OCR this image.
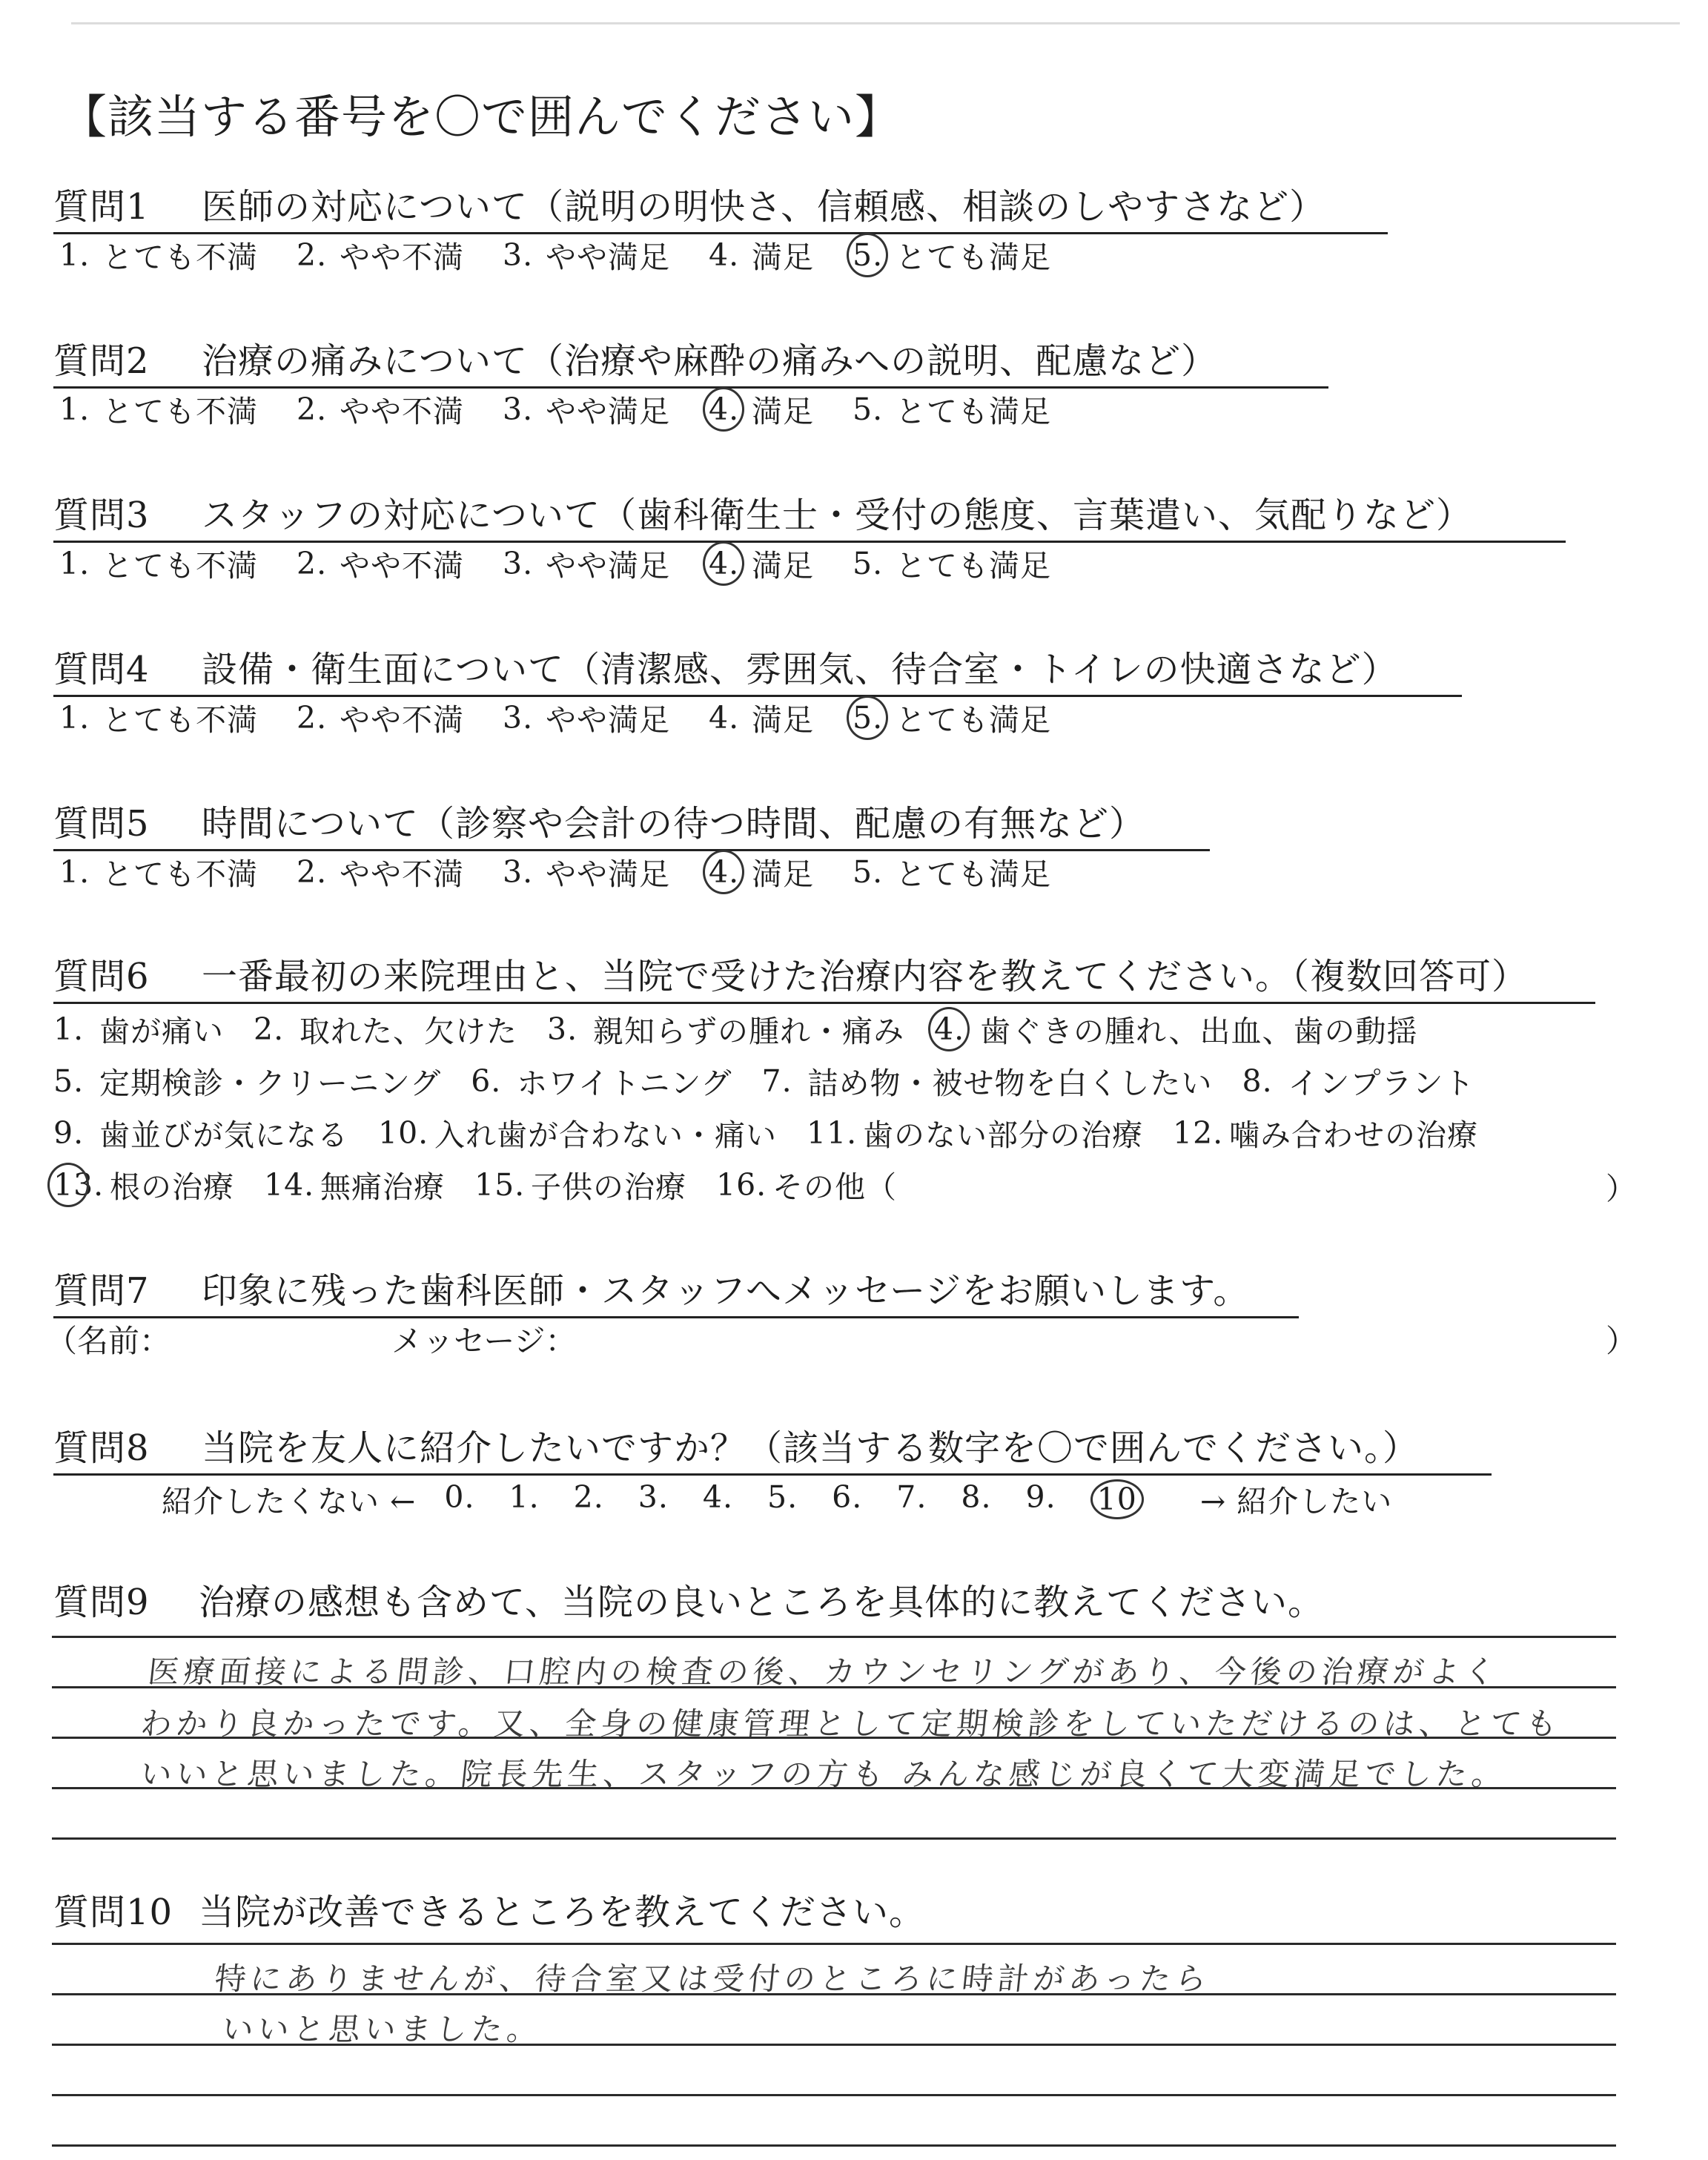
【該当する番号を〇で囲んでください】
質問1 医師の対応について（説明の明快さ、信頼感、相談のしやすさなど）
1. とても不満 2. やや不満 3. やや満足 4. 満足 5. とても満足
質問2 治療の痛みについて（治療や麻酔の痛みへの説明、配慮など）
1. とても不満 2. やや不満 3. やや満足 4. 満足 5. とても満足
質問3 スタッフの対応について（歯科衛生士・受付の態度、言葉遣い、気配りなど）
1. とても不満 2. やや不満 3. やや満足 4. 満足 5. とても満足
質問4 設備・衛生面について（清潔感、雰囲気、待合室・トイレの快適さなど）
1. とても不満 2. やや不満 3. やや満足 4. 満足 5. とても満足
質問5 時間について（診察や会計の待つ時間、配慮の有無など）
1. とても不満 2. やや不満 3. やや満足 4. 満足 5. とても満足
質問6 一番最初の来院理由と、当院で受けた治療内容を教えてください。（複数回答可）
1. 歯が痛い 2. 取れた、欠けた 3. 親知らずの腫れ・痛み 4. 歯ぐきの腫れ、出血、歯の動揺
5. 定期検診・クリーニング 6. ホワイトニング 7. 詰め物・被せ物を白くしたい 8. インプラント
9. 歯並びが気になる 10. 入れ歯が合わない・痛い 11. 歯のない部分の治療 12. 噛み合わせの治療
13. 根の治療 14. 無痛治療 15. 子供の治療 16. その他（	）
質問7 印象に残った歯科医師・スタッフへメッセージをお願いします。
（名前：	メッセージ：	）
質問8 当院を友人に紹介したいですか？（該当する数字を〇で囲んでください。）
紹介したくない ← 0. 1. 2. 3. 4. 5. 6. 7. 8. 9. 10 → 紹介したい
質問9 治療の感想も含めて、当院の良いところを具体的に教えてください。
医療面接による問診、口腔内の検査の後、カウンセリングがあり、今後の治療がよく
わかり良かったです。又、全身の健康管理として定期検診をしていただけるのは、とても
いいと思いました。院長先生、スタッフの方も みんな感じが良くて大変満足でした。
質問10 当院が改善できるところを教えてください。
特にありませんが、待合室又は受付のところに時計があったら
いいと思いました。
